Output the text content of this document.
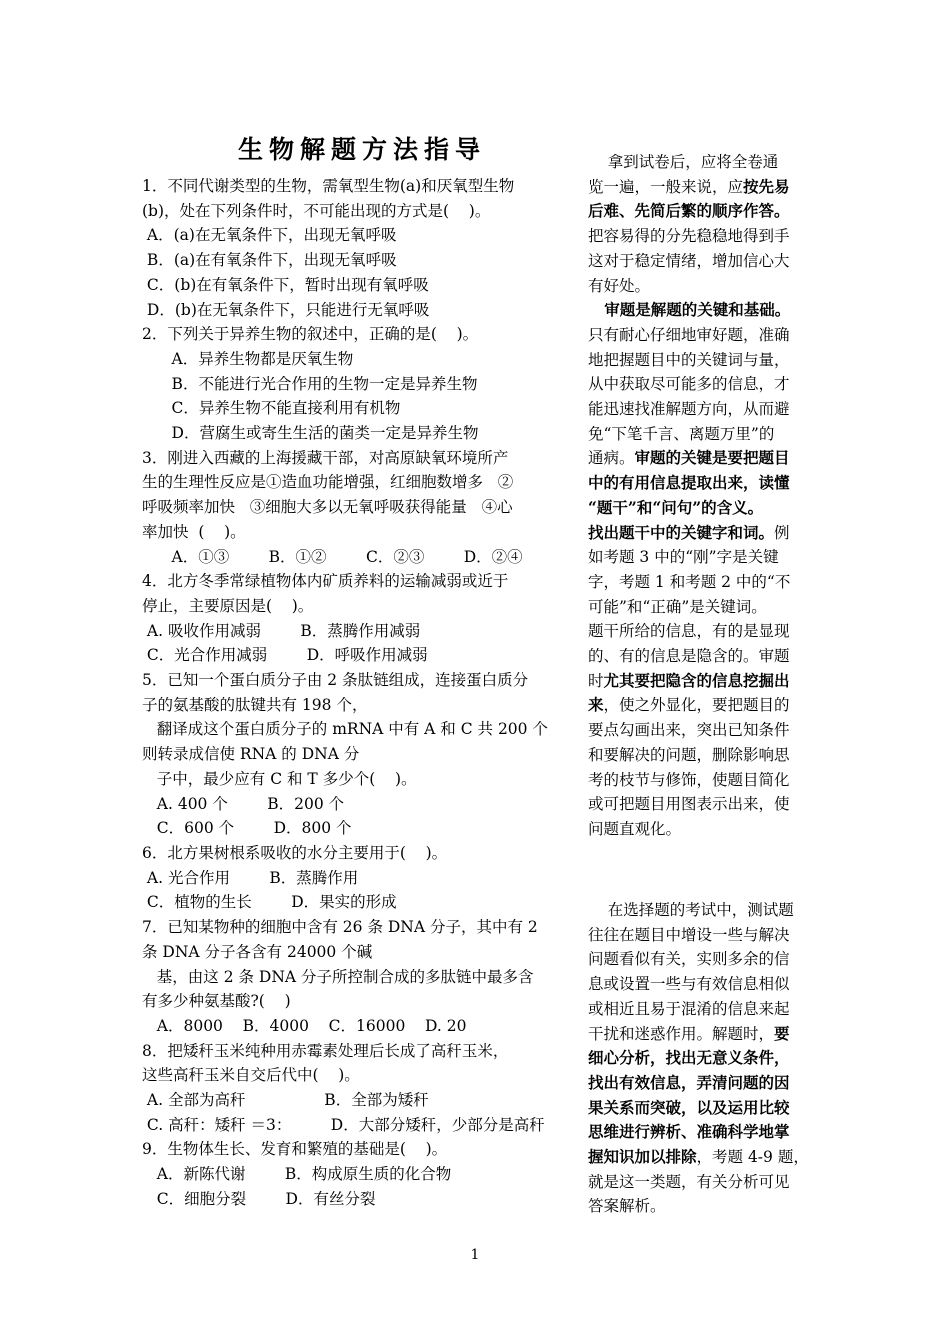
生物解题方法指导
1．不同代谢类型的生物，需氧型生物(a)和厌氧型生物
(b)，处在下列条件时，不可能出现的方式是(    )。
A．(a)在无氧条件下，出现无氧呼吸
B．(a)在有氧条件下，出现无氧呼吸
C．(b)在有氧条件下，暂时出现有氧呼吸
D．(b)在无氧条件下，只能进行无氧呼吸
2．下列关于异养生物的叙述中，正确的是(    )。
A．异养生物都是厌氧生物
B．不能进行光合作用的生物一定是异养生物
C．异养生物不能直接利用有机物
D．营腐生或寄生生活的菌类一定是异养生物
3．刚进入西藏的上海援藏干部，对高原缺氧环境所产
生的生理性反应是①造血功能增强，红细胞数增多   ②
呼吸频率加快   ③细胞大多以无氧呼吸获得能量   ④心
率加快  (    )。
A．①③        B．①②        C．②③        D．②④
4．北方冬季常绿植物体内矿质养料的运输减弱或近于
停止，主要原因是(    )。
A. 吸收作用减弱        B．蒸腾作用减弱
C．光合作用减弱        D．呼吸作用减弱
5．已知一个蛋白质分子由 2 条肽链组成，连接蛋白质分
子的氨基酸的肽键共有 198 个，
翻译成这个蛋白质分子的 mRNA 中有 A 和 C 共 200 个
则转录成信使 RNA 的 DNA 分
子中，最少应有 C 和 T 多少个(    )。
A. 400 个        B．200 个
C．600 个        D．800 个
6．北方果树根系吸收的水分主要用于(    )。
A. 光合作用        B．蒸腾作用
C．植物的生长        D．果实的形成
7．已知某物种的细胞中含有 26 条 DNA 分子，其中有 2
条 DNA 分子各含有 24000 个碱
基，由这 2 条 DNA 分子所控制合成的多肽链中最多含
有多少种氨基酸?(    )
A．8000    B．4000    C．16000    D. 20
8．把矮秆玉米纯种用赤霉素处理后长成了高秆玉米，
这些高秆玉米自交后代中(    )。
A. 全部为高秆                B．全部为矮秆
C. 高秆：矮秆 ＝3：        D．大部分矮秆，少部分是高秆
9．生物体生长、发育和繁殖的基础是(    )。
A．新陈代谢        B．构成原生质的化合物
C．细胞分裂        D．有丝分裂
拿到试卷后，应将全卷通
览一遍，一般来说，应按先易
后难、先简后繁的顺序作答。
把容易得的分先稳稳地得到手
这对于稳定情绪，增加信心大
有好处。
审题是解题的关键和基础。
只有耐心仔细地审好题，准确
地把握题目中的关键词与量，
从中获取尽可能多的信息，才
能迅速找准解题方向，从而避
免“下笔千言、离题万里”的
通病。审题的关键是要把题目
中的有用信息提取出来，读懂
“题干”和“问句”的含义。
找出题干中的关键字和词。例
如考题 3 中的“刚”字是关键
字，考题 1 和考题 2 中的“不
可能”和“正确”是关键词。
题干所给的信息，有的是显现
的、有的信息是隐含的。审题
时尤其要把隐含的信息挖掘出
来，使之外显化，要把题目的
要点勾画出来，突出已知条件
和要解决的问题，删除影响思
考的枝节与修饰，使题目简化
或可把题目用图表示出来，使
问题直观化。
在选择题的考试中，测试题
往往在题目中增设一些与解决
问题看似有关，实则多余的信
息或设置一些与有效信息相似
或相近且易于混淆的信息来起
干扰和迷惑作用。解题时，要
细心分析，找出无意义条件，
找出有效信息，弄清问题的因
果关系而突破，以及运用比较
思维进行辨析、准确科学地掌
握知识加以排除，考题 4-9 题，
就是这一类题，有关分析可见
答案解析。
1
